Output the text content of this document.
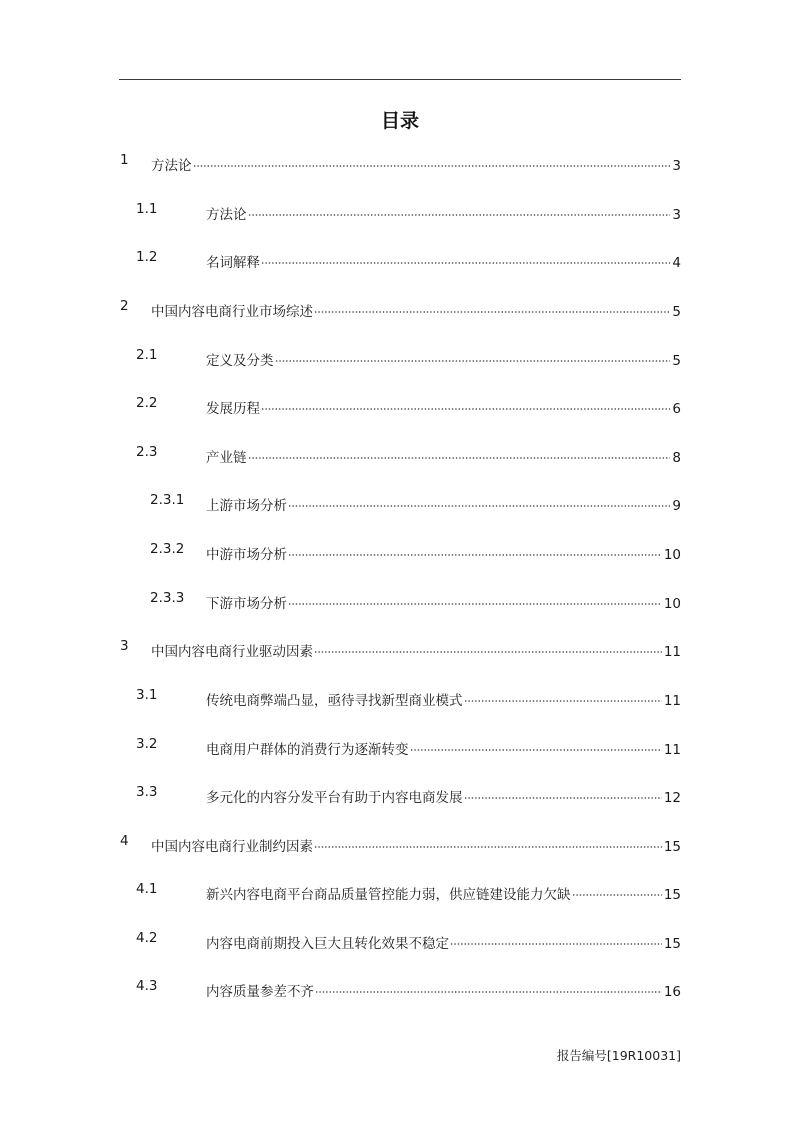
目录
1 方法论	3
1.1	方法论	3
1.2	名词解释	4
2 中国内容电商行业市场综述	5
2.1	定义及分类	5
2.2	发展历程	6
2.3	产业链	8
2.3.1 上游市场分析	9
2.3.2 中游市场分析	10
2.3.3 下游市场分析	10
3 中国内容电商行业驱动因素	11
3.1	传统电商弊端凸显，亟待寻找新型商业模式	11
3.2	电商用户群体的消费行为逐渐转变	11
3.3	多元化的内容分发平台有助于内容电商发展	12
4 中国内容电商行业制约因素	15
4.1	新兴内容电商平台商品质量管控能力弱，供应链建设能力欠缺	15
4.2	内容电商前期投入巨大且转化效果不稳定	15
4.3	内容质量参差不齐	16
报告编号[19R10031]
